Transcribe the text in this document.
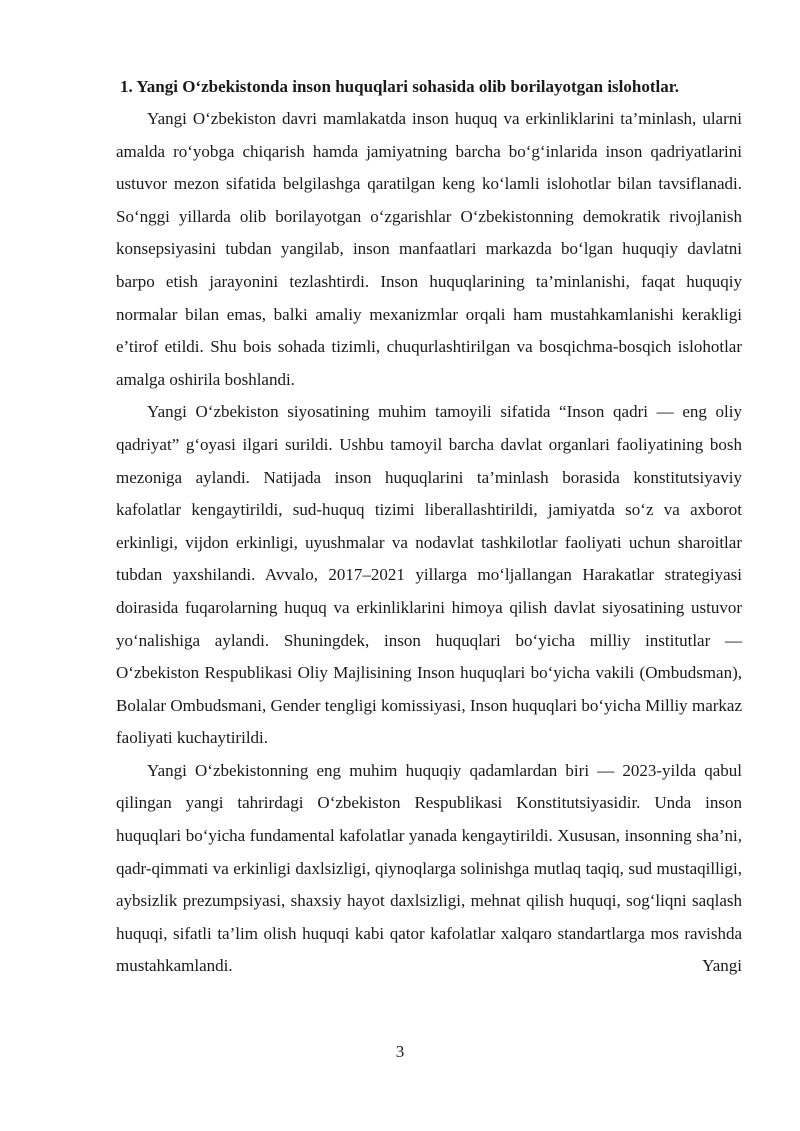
1. Yangi O‘zbekistonda inson huquqlari sohasida olib borilayotgan islohotlar.

Yangi O‘zbekiston davri mamlakatda inson huquq va erkinliklarini ta’minlash, ularni amalda ro‘yobga chiqarish hamda jamiyatning barcha bo‘g‘inlarida inson qadriyatlarini ustuvor mezon sifatida belgilashga qaratilgan keng ko‘lamli islohotlar bilan tavsiflanadi. So‘nggi yillarda olib borilayotgan o‘zgarishlar O‘zbekistonning demokratik rivojlanish konsepsiyasini tubdan yangilab, inson manfaatlari markazda bo‘lgan huquqiy davlatni barpo etish jarayonini tezlashtirdi. Inson huquqlarining ta’minlanishi, faqat huquqiy normalar bilan emas, balki amaliy mexanizmlar orqali ham mustahkamlanishi kerakligi e’tirof etildi. Shu bois sohada tizimli, chuqurlashtirilgan va bosqichma-bosqich islohotlar amalga oshirila boshlandi.

Yangi O‘zbekiston siyosatining muhim tamoyili sifatida “Inson qadri — eng oliy qadriyat” g‘oyasi ilgari surildi. Ushbu tamoyil barcha davlat organlari faoliyatining bosh mezoniga aylandi. Natijada inson huquqlarini ta’minlash borasida konstitutsiyaviy kafolatlar kengaytirildi, sud-huquq tizimi liberallashtirildi, jamiyatda so‘z va axborot erkinligi, vijdon erkinligi, uyushmalar va nodavlat tashkilotlar faoliyati uchun sharoitlar tubdan yaxshilandi. Avvalo, 2017–2021 yillarga mo‘ljallangan Harakatlar strategiyasi doirasida fuqarolarning huquq va erkinliklarini himoya qilish davlat siyosatining ustuvor yo‘nalishiga aylandi. Shuningdek, inson huquqlari bo‘yicha milliy institutlar — O‘zbekiston Respublikasi Oliy Majlisining Inson huquqlari bo‘yicha vakili (Ombudsman), Bolalar Ombudsmani, Gender tengligi komissiyasi, Inson huquqlari bo‘yicha Milliy markaz faoliyati kuchaytirildi.

Yangi O‘zbekistonning eng muhim huquqiy qadamlardan biri — 2023-yilda qabul qilingan yangi tahrirdagi O‘zbekiston Respublikasi Konstitutsiyasidir. Unda inson huquqlari bo‘yicha fundamental kafolatlar yanada kengaytirildi. Xususan, insonning sha’ni, qadr-qimmati va erkinligi daxlsizligi, qiynoqlarga solinishga mutlaq taqiq, sud mustaqilligi, aybsizlik prezumpsiyasi, shaxsiy hayot daxlsizligi, mehnat qilish huquqi, sog‘liqni saqlash huquqi, sifatli ta’lim olish huquqi kabi qator kafolatlar xalqaro standartlarga mos ravishda mustahkamlandi. Yangi

3
